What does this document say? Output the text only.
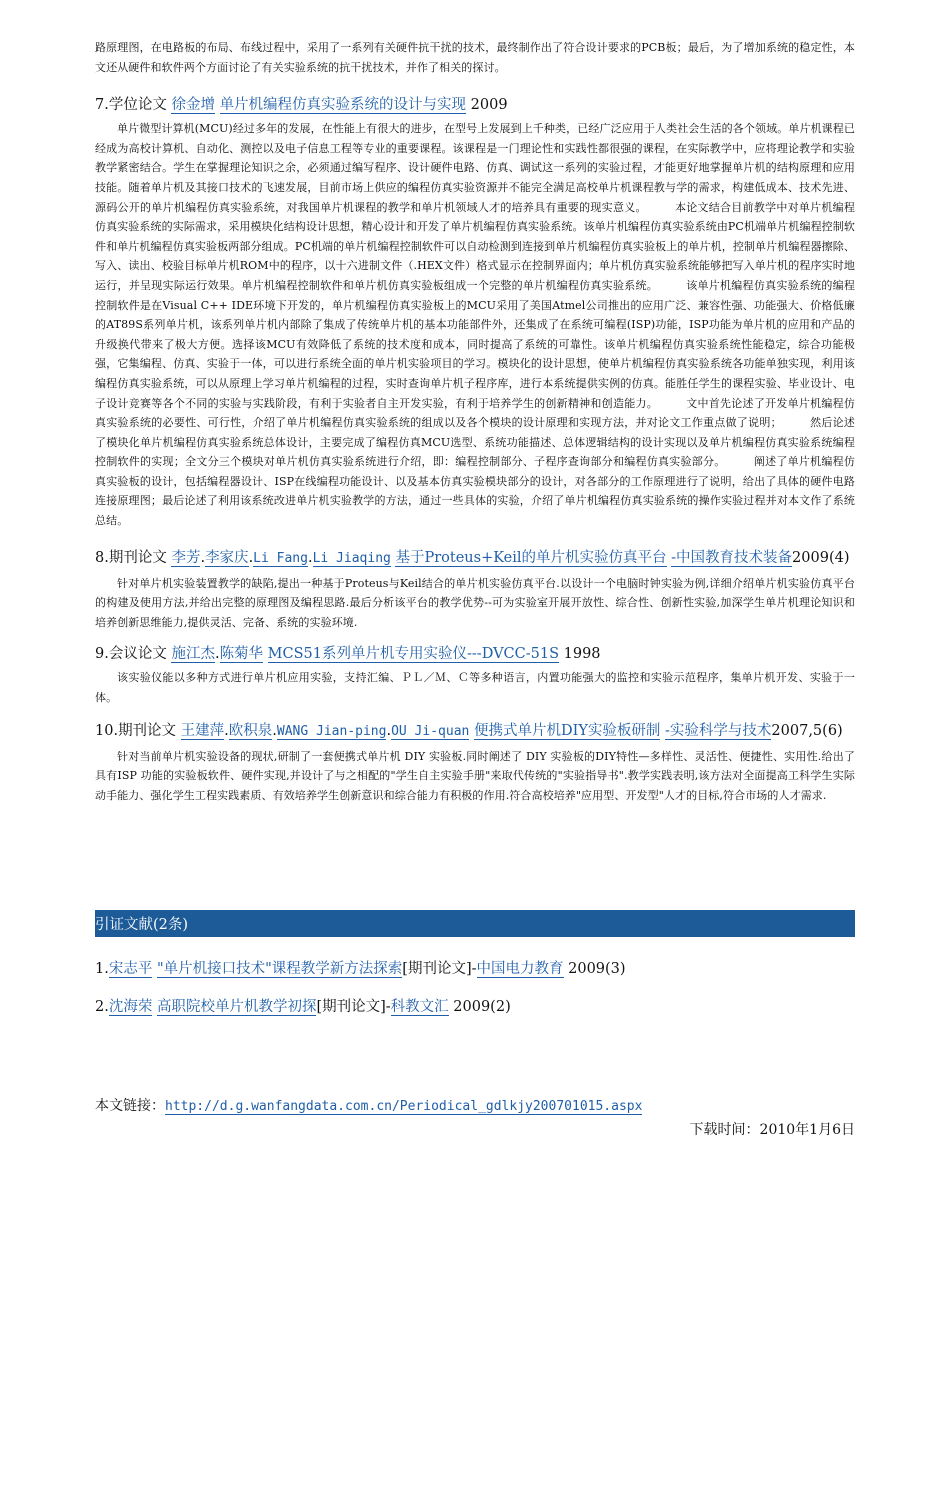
路原理图，在电路板的布局、布线过程中，采用了一系列有关硬件抗干扰的技术，最终制作出了符合设计要求的PCB板；最后，为了增加系统的稳定性，本文还从硬件和软件两个方面讨论了有关实验系统的抗干扰技术，并作了相关的探讨。

7.学位论文 徐金增 单片机编程仿真实验系统的设计与实现 2009

单片微型计算机(MCU)经过多年的发展，在性能上有很大的进步，在型号上发展到上千种类，已经广泛应用于人类社会生活的各个领域。单片机课程已经成为高校计算机、自动化、测控以及电子信息工程等专业的重要课程。该课程是一门理论性和实践性都很强的课程，在实际教学中，应将理论教学和实验教学紧密结合。学生在掌握理论知识之余，必须通过编写程序、设计硬件电路、仿真、调试这一系列的实验过程，才能更好地掌握单片机的结构原理和应用技能。随着单片机及其接口技术的飞速发展，目前市场上供应的编程仿真实验资源并不能完全满足高校单片机课程教与学的需求，构建低成本、技术先进、源码公开的单片机编程仿真实验系统，对我国单片机课程的教学和单片机领域人才的培养具有重要的现实意义。　　　本论文结合目前教学中对单片机编程仿真实验系统的实际需求，采用模块化结构设计思想，精心设计和开发了单片机编程仿真实验系统。该单片机编程仿真实验系统由PC机端单片机编程控制软件和单片机编程仿真实验板两部分组成。PC机端的单片机编程控制软件可以自动检测到连接到单片机编程仿真实验板上的单片机，控制单片机编程器擦除、写入、读出、校验目标单片机ROM中的程序，以十六进制文件（.HEX文件）格式显示在控制界面内；单片机仿真实验系统能够把写入单片机的程序实时地运行，并呈现实际运行效果。单片机编程控制软件和单片机仿真实验板组成一个完整的单片机编程仿真实验系统。　　　该单片机编程仿真实验系统的编程控制软件是在Visual C++ IDE环境下开发的，单片机编程仿真实验板上的MCU采用了美国Atmel公司推出的应用广泛、兼容性强、功能强大、价格低廉的AT89S系列单片机，该系列单片机内部除了集成了传统单片机的基本功能部件外，还集成了在系统可编程(ISP)功能，ISP功能为单片机的应用和产品的升级换代带来了极大方便。选择该MCU有效降低了系统的技术度和成本，同时提高了系统的可靠性。该单片机编程仿真实验系统性能稳定，综合功能极强，它集编程、仿真、实验于一体，可以进行系统全面的单片机实验项目的学习。模块化的设计思想，使单片机编程仿真实验系统各功能单独实现，利用该编程仿真实验系统，可以从原理上学习单片机编程的过程，实时查询单片机子程序库，进行本系统提供实例的仿真。能胜任学生的课程实验、毕业设计、电子设计竞赛等各个不同的实验与实践阶段，有利于实验者自主开发实验，有利于培养学生的创新精神和创造能力。　　　文中首先论述了开发单片机编程仿真实验系统的必要性、可行性，介绍了单片机编程仿真实验系统的组成以及各个模块的设计原理和实现方法，并对论文工作重点做了说明；　　　然后论述了模块化单片机编程仿真实验系统总体设计，主要完成了编程仿真MCU选型、系统功能描述、总体逻辑结构的设计实现以及单片机编程仿真实验系统编程控制软件的实现；全文分三个模块对单片机仿真实验系统进行介绍，即：编程控制部分、子程序查询部分和编程仿真实验部分。　　　阐述了单片机编程仿真实验板的设计，包括编程器设计、ISP在线编程功能设计、以及基本仿真实验模块部分的设计，对各部分的工作原理进行了说明，给出了具体的硬件电路连接原理图；最后论述了利用该系统改进单片机实验教学的方法，通过一些具体的实验，介绍了单片机编程仿真实验系统的操作实验过程并对本文作了系统总结。

8.期刊论文 李芳.李家庆.Li Fang.Li Jiaqing 基于Proteus+Keil的单片机实验仿真平台 -中国教育技术装备2009(4)

针对单片机实验装置教学的缺陷,提出一种基于Proteus与Keil结合的单片机实验仿真平台.以设计一个电脑时钟实验为例,详细介绍单片机实验仿真平台的构建及使用方法,并给出完整的原理图及编程思路.最后分析该平台的教学优势--可为实验室开展开放性、综合性、创新性实验,加深学生单片机理论知识和培养创新思维能力,提供灵活、完备、系统的实验环境.

9.会议论文 施江杰.陈菊华 MCS51系列单片机专用实验仪---DVCC-51S 1998

该实验仪能以多种方式进行单片机应用实验，支持汇编、ＰＬ／Ｍ、Ｃ等多种语言，内置功能强大的监控和实验示范程序，集单片机开发、实验于一体。

10.期刊论文 王建萍.欧积泉.WANG Jian-ping.OU Ji-quan 便携式单片机DIY实验板研制 -实验科学与技术2007,5(6)

针对当前单片机实验设备的现状,研制了一套便携式单片机 DIY 实验板.同时阐述了 DIY 实验板的DIY特性—多样性、灵活性、便捷性、实用性.给出了具有ISP 功能的实验板软件、硬件实现,并设计了与之相配的"学生自主实验手册"来取代传统的"实验指导书".教学实践表明,该方法对全面提高工科学生实际动手能力、强化学生工程实践素质、有效培养学生创新意识和综合能力有积极的作用.符合高校培养"应用型、开发型"人才的目标,符合市场的人才需求.

引证文献(2条)
1.宋志平 "单片机接口技术"课程教学新方法探索[期刊论文]-中国电力教育 2009(3)
2.沈海荣 高职院校单片机教学初探[期刊论文]-科教文汇 2009(2)
本文链接：http://d.g.wanfangdata.com.cn/Periodical_gdlkjy200701015.aspx
下载时间：2010年1月6日
